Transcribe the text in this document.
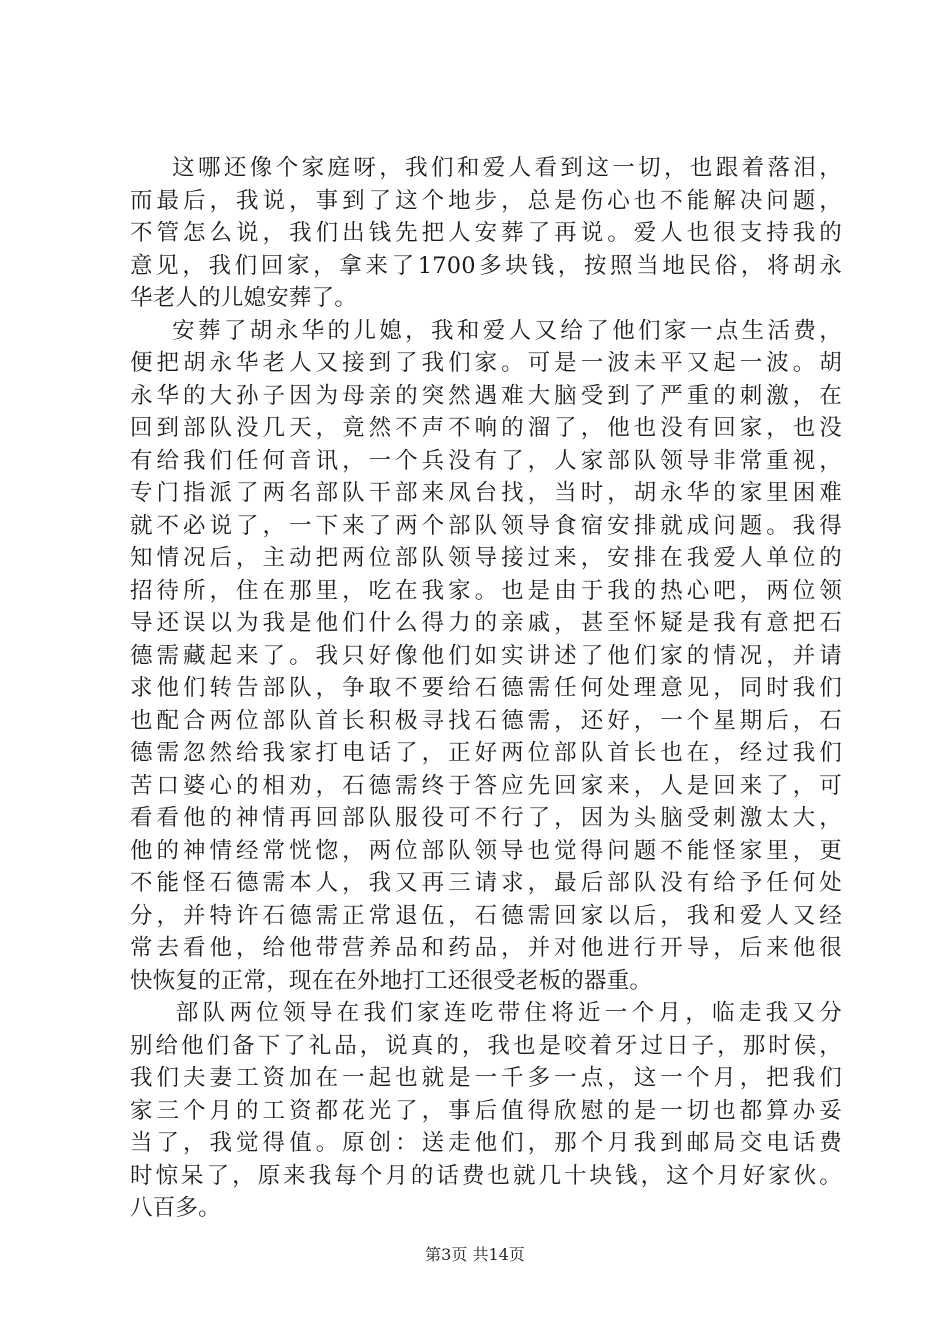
这哪还像个家庭呀，我们和爱人看到这一切，也跟着落泪，
而最后，我说，事到了这个地步，总是伤心也不能解决问题，
不管怎么说，我们出钱先把人安葬了再说。爱人也很支持我的
意见，我们回家，拿来了1700多块钱，按照当地民俗，将胡永
华老人的儿媳安葬了。
安葬了胡永华的儿媳，我和爱人又给了他们家一点生活费，
便把胡永华老人又接到了我们家。可是一波未平又起一波。胡
永华的大孙子因为母亲的突然遇难大脑受到了严重的刺激，在
回到部队没几天，竟然不声不响的溜了，他也没有回家，也没
有给我们任何音讯，一个兵没有了，人家部队领导非常重视，
专门指派了两名部队干部来凤台找，当时，胡永华的家里困难
就不必说了，一下来了两个部队领导食宿安排就成问题。我得
知情况后，主动把两位部队领导接过来，安排在我爱人单位的
招待所，住在那里，吃在我家。也是由于我的热心吧，两位领
导还误以为我是他们什么得力的亲戚，甚至怀疑是我有意把石
德需藏起来了。我只好像他们如实讲述了他们家的情况，并请
求他们转告部队，争取不要给石德需任何处理意见，同时我们
也配合两位部队首长积极寻找石德需，还好，一个星期后，石
德需忽然给我家打电话了，正好两位部队首长也在，经过我们
苦口婆心的相劝，石德需终于答应先回家来，人是回来了，可
看看他的神情再回部队服役可不行了，因为头脑受刺激太大，
他的神情经常恍惚，两位部队领导也觉得问题不能怪家里，更
不能怪石德需本人，我又再三请求，最后部队没有给予任何处
分，并特许石德需正常退伍，石德需回家以后，我和爱人又经
常去看他，给他带营养品和药品，并对他进行开导，后来他很
快恢复的正常，现在在外地打工还很受老板的器重。
部队两位领导在我们家连吃带住将近一个月，临走我又分
别给他们备下了礼品，说真的，我也是咬着牙过日子，那时侯，
我们夫妻工资加在一起也就是一千多一点，这一个月，把我们
家三个月的工资都花光了，事后值得欣慰的是一切也都算办妥
当了，我觉得值。原创：送走他们，那个月我到邮局交电话费
时惊呆了，原来我每个月的话费也就几十块钱，这个月好家伙。
八百多。
第3页 共14页
